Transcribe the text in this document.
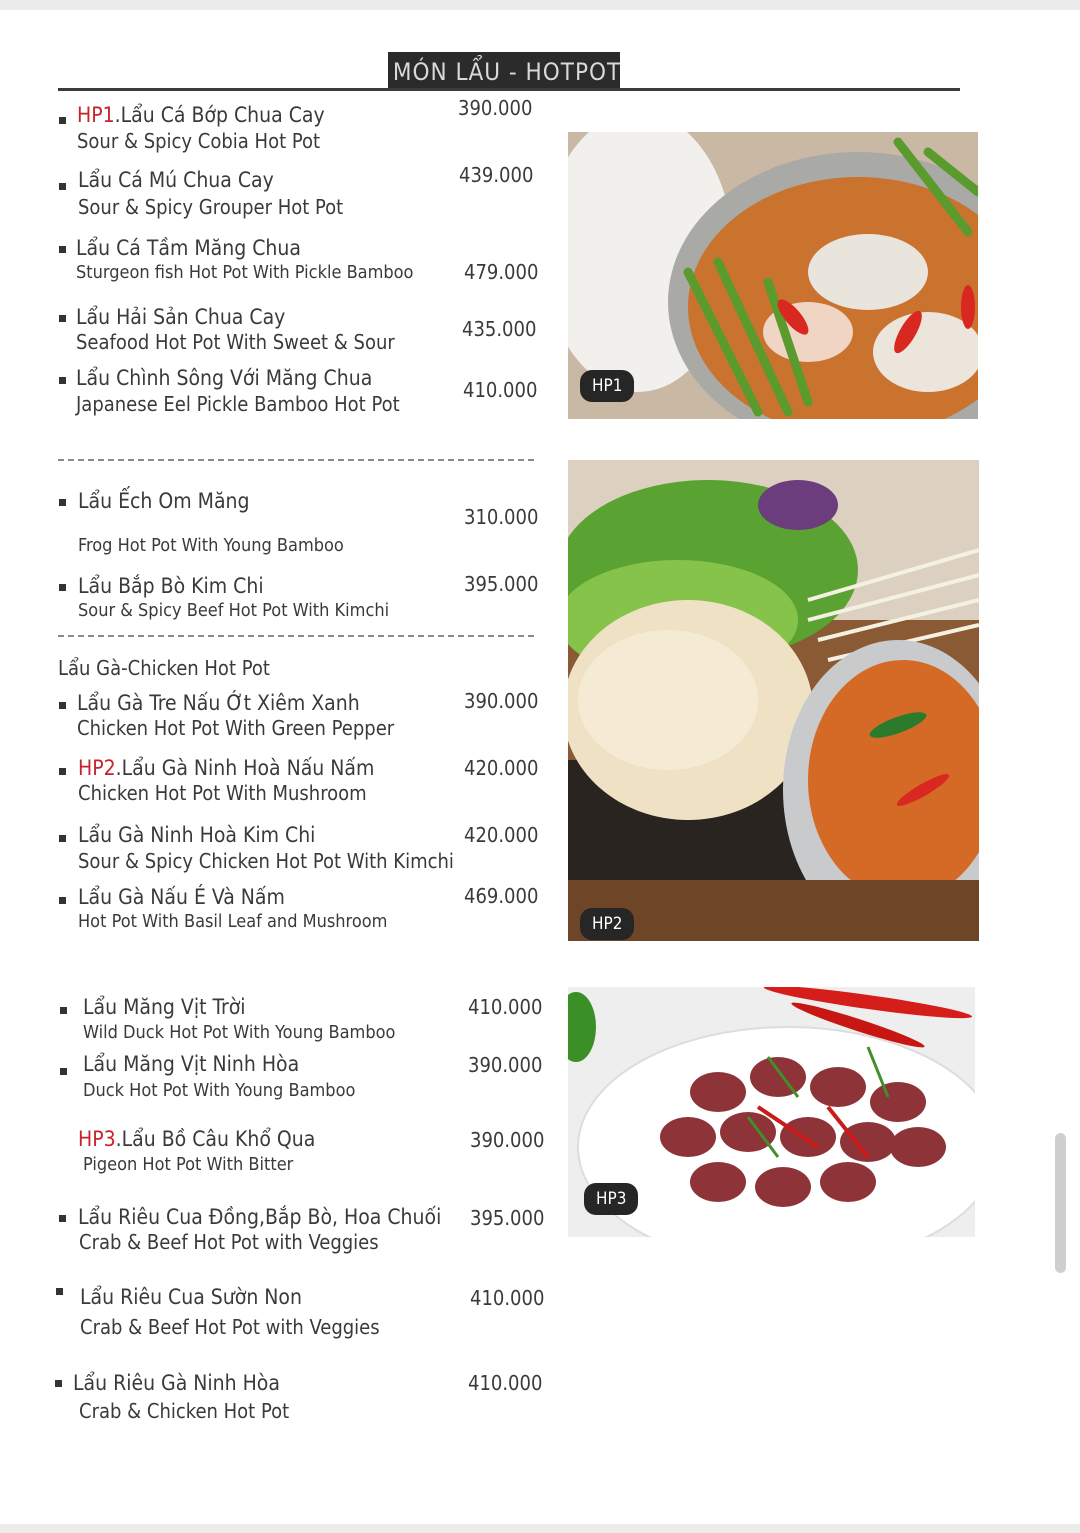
MÓN LẨU - HOTPOT
HP1.Lẩu Cá Bớp Chua Cay
Sour & Spicy Cobia Hot Pot
390.000
Lẩu Cá Mú Chua Cay
Sour & Spicy Grouper Hot Pot
439.000
Lẩu Cá Tầm Măng Chua
Sturgeon fish Hot Pot With Pickle Bamboo	479.000
Lẩu Hải Sản Chua Cay
Seafood Hot Pot With Sweet & Sour
435.000
Lẩu Chình Sông Với Măng Chua
Japanese Eel Pickle Bamboo Hot Pot
410.000
Lẩu Ếch Om Măng
Frog Hot Pot With Young Bamboo
310.000
Lẩu Bắp Bò Kim Chi
Sour & Spicy Beef Hot Pot With Kimchi
395.000
Lẩu Gà-Chicken Hot Pot
Lẩu Gà Tre Nấu Ớt Xiêm Xanh
Chicken Hot Pot With Green Pepper
390.000
HP2.Lẩu Gà Ninh Hoà Nấu Nấm
Chicken Hot Pot With Mushroom
420.000
Lẩu Gà Ninh Hoà Kim Chi
Sour & Spicy Chicken Hot Pot With Kimchi
420.000
Lẩu Gà Nấu É Và Nấm
Hot Pot With Basil Leaf and Mushroom
469.000
Lẩu Măng Vịt Trời
Wild Duck Hot Pot With Young Bamboo
410.000
Lẩu Măng Vịt Ninh Hòa
Duck Hot Pot With Young Bamboo
390.000
HP3.Lẩu Bồ Câu Khổ Qua
Pigeon Hot Pot With Bitter
390.000
Lẩu Riêu Cua Đồng,Bắp Bò, Hoa Chuối
Crab & Beef Hot Pot with Veggies
395.000
Lẩu Riêu Cua Sườn Non
Crab & Beef Hot Pot with Veggies
410.000
Lẩu Riêu Gà Ninh Hòa
Crab & Chicken Hot Pot
410.000
HP1
HP2
HP3
